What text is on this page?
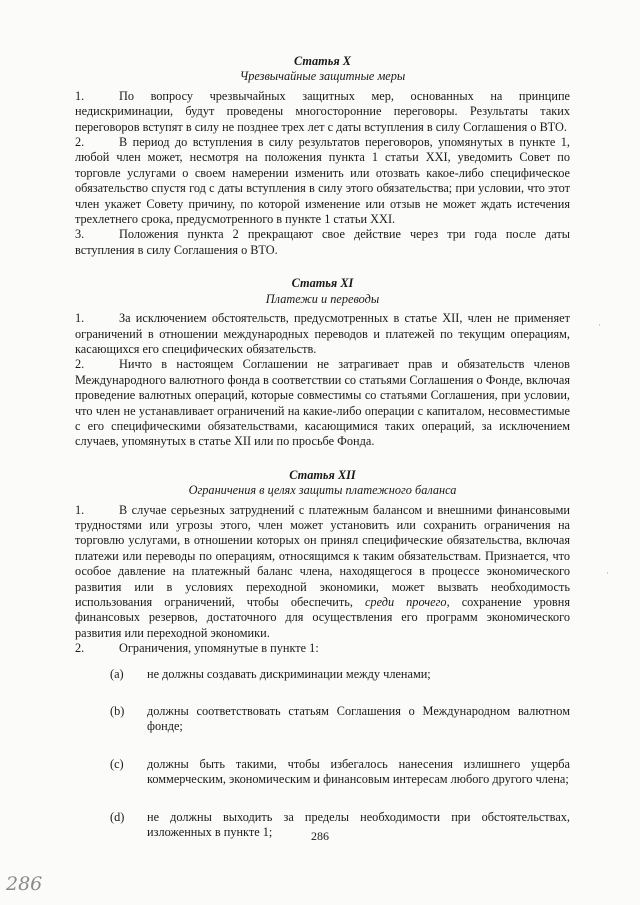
Статья X

Чрезвычайные защитные меры

1.	По вопросу чрезвычайных защитных мер, основанных на принципе недискриминации, будут проведены многосторонние переговоры. Результаты таких переговоров вступят в силу не позднее трех лет с даты вступления в силу Соглашения о ВТО.

2.	В период до вступления в силу результатов переговоров, упомянутых в пункте 1, любой член может, несмотря на положения пункта 1 статьи XXI, уведомить Совет по торговле услугами о своем намерении изменить или отозвать какое-либо специфическое обязательство спустя год с даты вступления в силу этого обязательства; при условии, что этот член укажет Совету причину, по которой изменение или отзыв не может ждать истечения трехлетнего срока, предусмотренного в пункте 1 статьи XXI.

3.	Положения пункта 2 прекращают свое действие через три года после даты вступления в силу Соглашения о ВТО.

Статья XI

Платежи и переводы

1.	За исключением обстоятельств, предусмотренных в статье XII, член не применяет ограничений в отношении международных переводов и платежей по текущим операциям, касающихся его специфических обязательств.

2.	Ничто в настоящем Соглашении не затрагивает прав и обязательств членов Международного валютного фонда в соответствии со статьями Соглашения о Фонде, включая проведение валютных операций, которые совместимы со статьями Соглашения, при условии, что член не устанавливает ограничений на какие-либо операции с капиталом, несовместимые с его специфическими обязательствами, касающимися таких операций, за исключением случаев, упомянутых в статье XII или по просьбе Фонда.

Статья XII

Ограничения в целях защиты платежного баланса

1.	В случае серьезных затруднений с платежным балансом и внешними финансовыми трудностями или угрозы этого, член может установить или сохранить ограничения на торговлю услугами, в отношении которых он принял специфические обязательства, включая платежи или переводы по операциям, относящимся к таким обязательствам. Признается, что особое давление на платежный баланс члена, находящегося в процессе экономического развития или в условиях переходной экономики, может вызвать необходимость использования ограничений, чтобы обеспечить, среди прочего, сохранение уровня финансовых резервов, достаточного для осуществления его программ экономического развития или переходной экономики.

2.	Ограничения, упомянутые в пункте 1:

(a) не должны создавать дискриминации между членами;
(b) должны соответствовать статьям Соглашения о Международном валютном фонде;
(c) должны быть такими, чтобы избегалось нанесения излишнего ущерба коммерческим, экономическим и финансовым интересам любого другого члена;
(d) не должны выходить за пределы необходимости при обстоятельствах, изложенных в пункте 1;	286
286
·
·
